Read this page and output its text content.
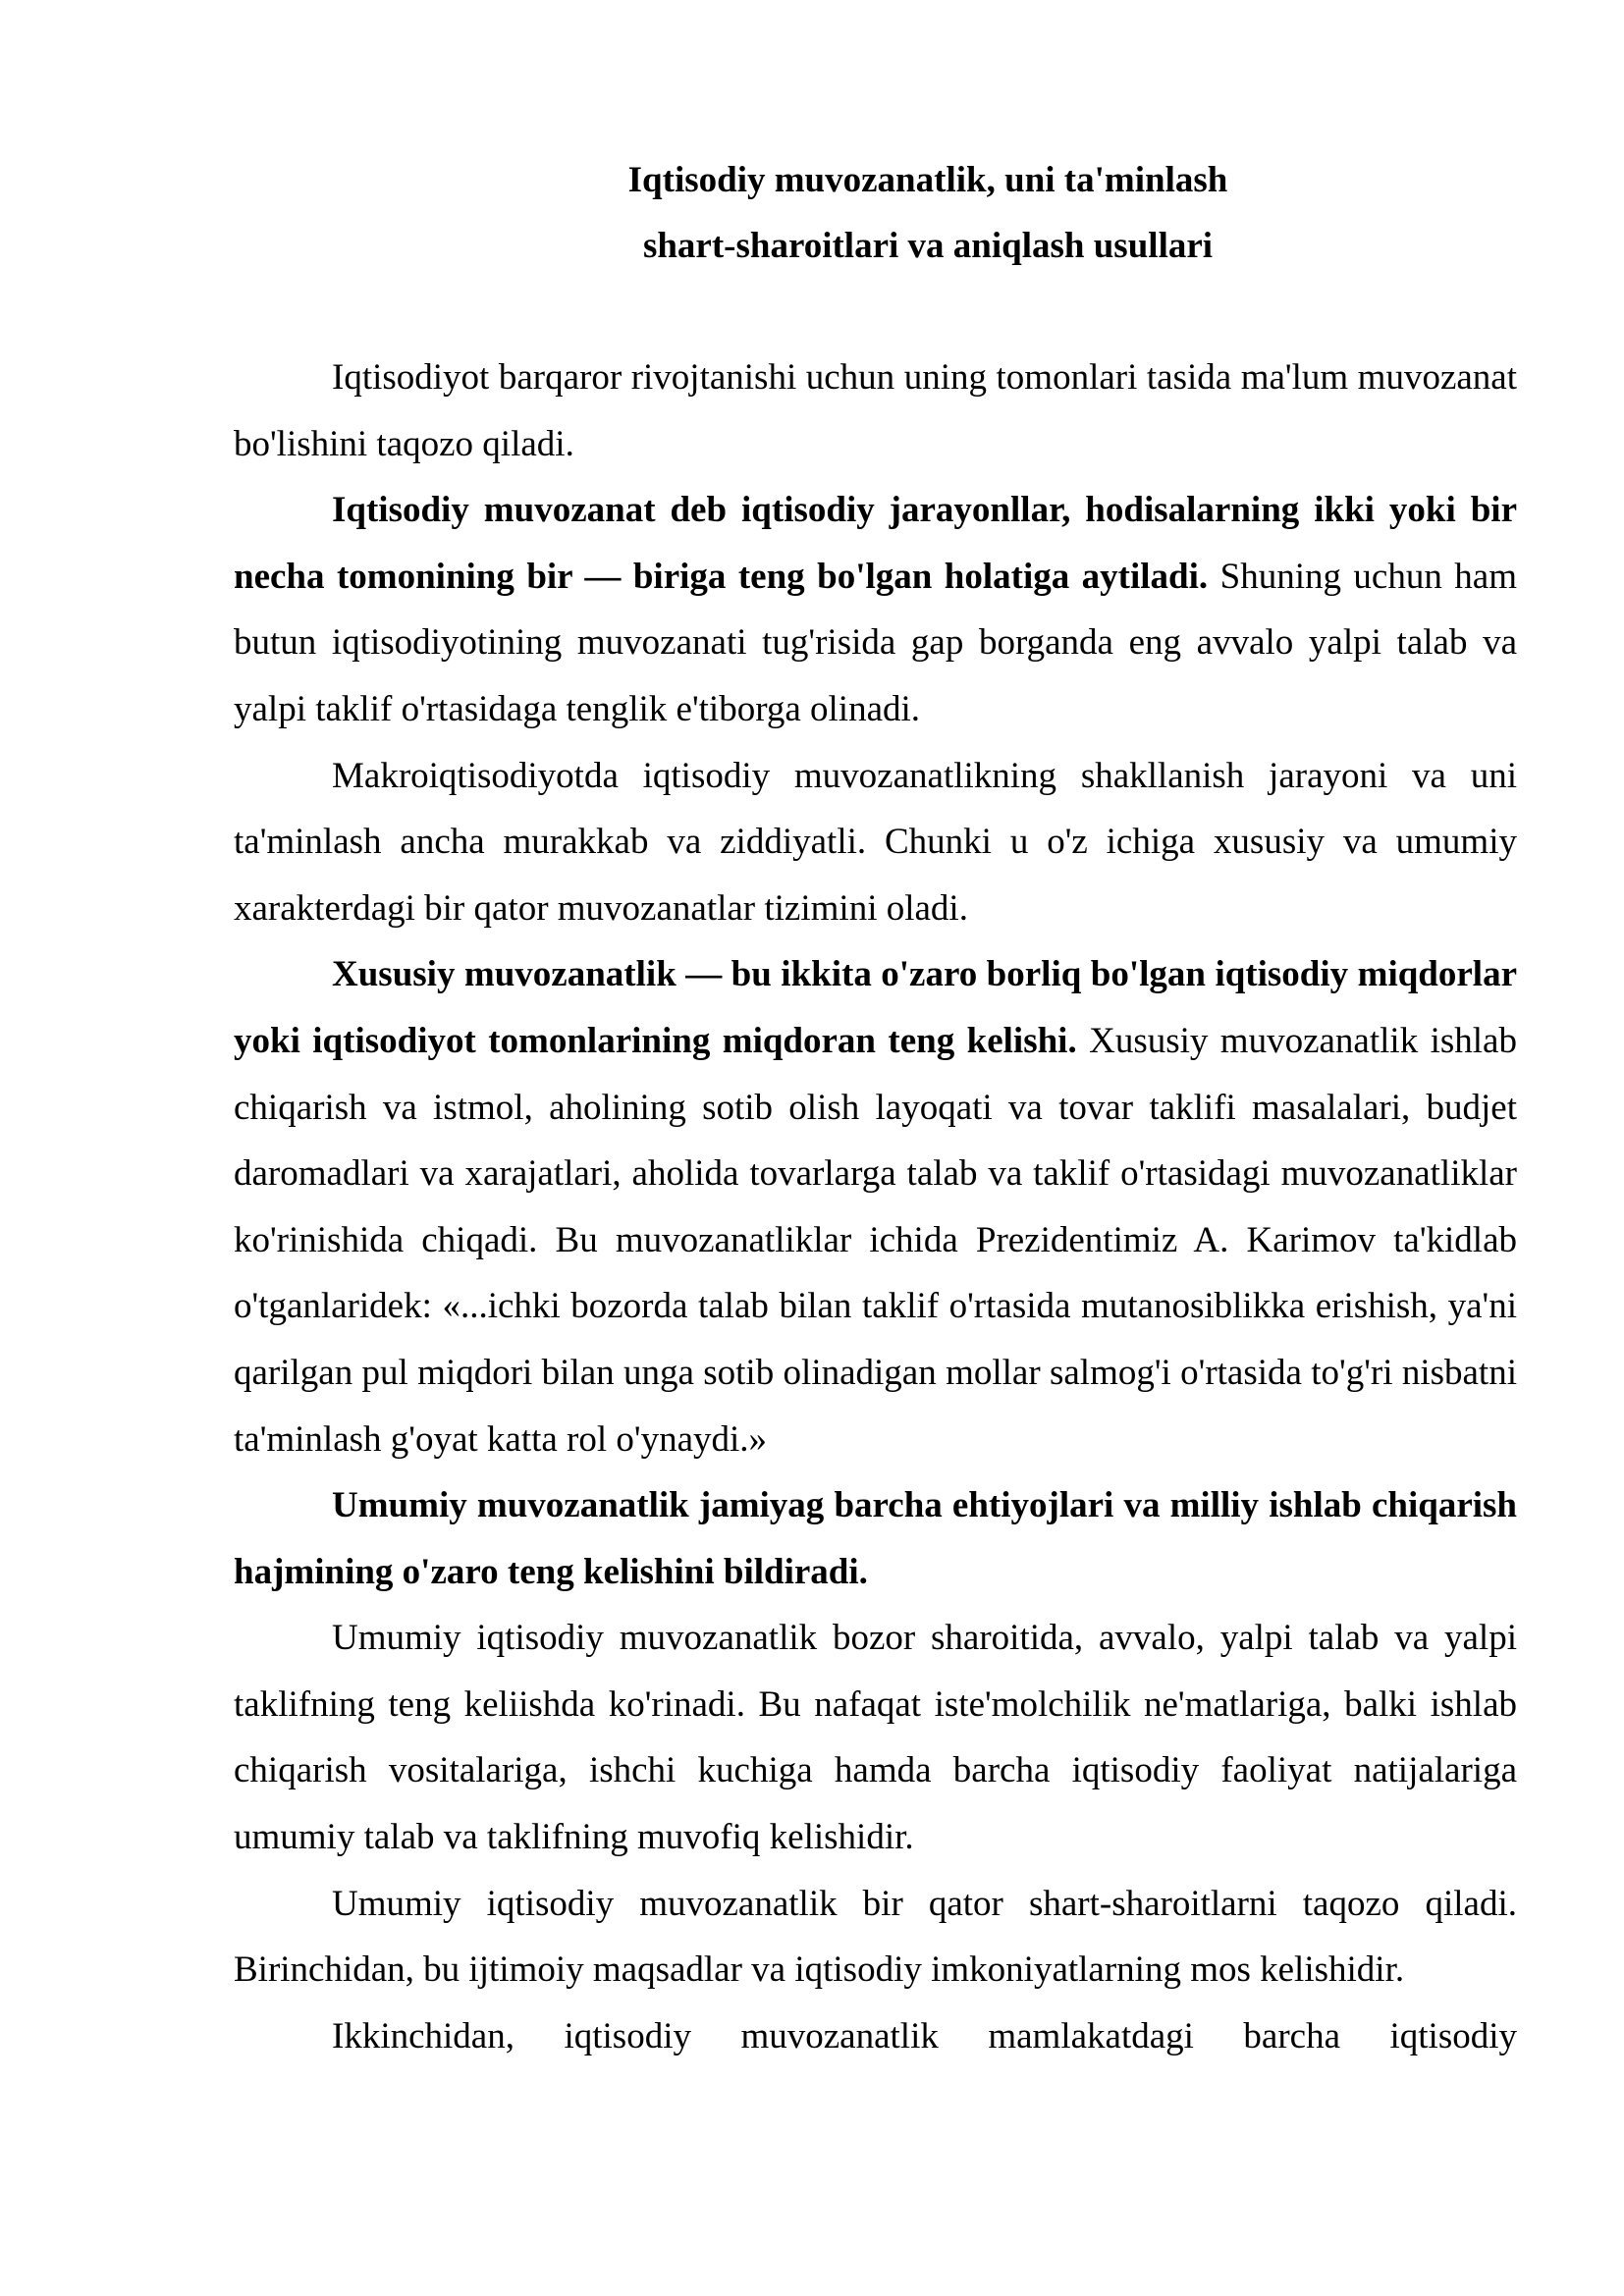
Iqtisodiy muvozanatlik, uni ta'minlash
shart-sharoitlari va aniqlash usullari

Iqtisodiyot barqaror rivojtanishi uchun uning tomonlari tasida ma'lum muvozanat bo'lishini taqozo qiladi.

Iqtisodiy muvozanat deb iqtisodiy jarayonllar, hodisalarning ikki yoki bir necha tomonining bir — biriga teng bo'lgan holatiga aytiladi. Shuning uchun ham butun iqtisodiyotining muvozanati tug'risida gap borganda eng avvalo yalpi talab va yalpi taklif o'rtasidaga tenglik e'tiborga olinadi.

Makroiqtisodiyotda iqtisodiy muvozanatlikning shakllanish jarayoni va uni ta'minlash ancha murakkab va ziddiyatli. Chunki u o'z ichiga xususiy va umumiy xarakterdagi bir qator muvozanatlar tizimini oladi.

Xususiy muvozanatlik — bu ikkita o'zaro borliq bo'lgan iqtisodiy miqdorlar yoki iqtisodiyot tomonlarining miqdoran teng kelishi. Xususiy muvozanatlik ishlab chiqarish va istmol, aholining sotib olish layoqati va tovar taklifi masalalari, budjet daromadlari va xarajatlari, aholida tovarlarga talab va taklif o'rtasidagi muvozanatliklar ko'rinishida chiqadi. Bu muvozanatliklar ichida Prezidentimiz A. Karimov ta'kidlab o'tganlaridek: «...ichki bozorda talab bilan taklif o'rtasida mutanosiblikka erishish, ya'ni qarilgan pul miqdori bilan unga sotib olinadigan mollar salmog'i o'rtasida to'g'ri nisbatni ta'minlash g'oyat katta rol o'ynaydi.»

Umumiy muvozanatlik jamiyag barcha ehtiyojlari va milliy ishlab chiqarish hajmining o'zaro teng kelishini bildiradi.

Umumiy iqtisodiy muvozanatlik bozor sharoitida, avvalo, yalpi talab va yalpi taklifning teng keliishda ko'rinadi. Bu nafaqat iste'molchilik ne'matlariga, balki ishlab chiqarish vositalariga, ishchi kuchiga hamda barcha iqtisodiy faoliyat natijalariga umumiy talab va taklifning muvofiq kelishidir.

Umumiy iqtisodiy muvozanatlik bir qator shart-sharoitlarni taqozo qiladi. Birinchidan, bu ijtimoiy maqsadlar va iqtisodiy imkoniyatlarning mos kelishidir.

Ikkinchidan, iqtisodiy muvozanatlik mamlakatdagi barcha iqtisodiy
